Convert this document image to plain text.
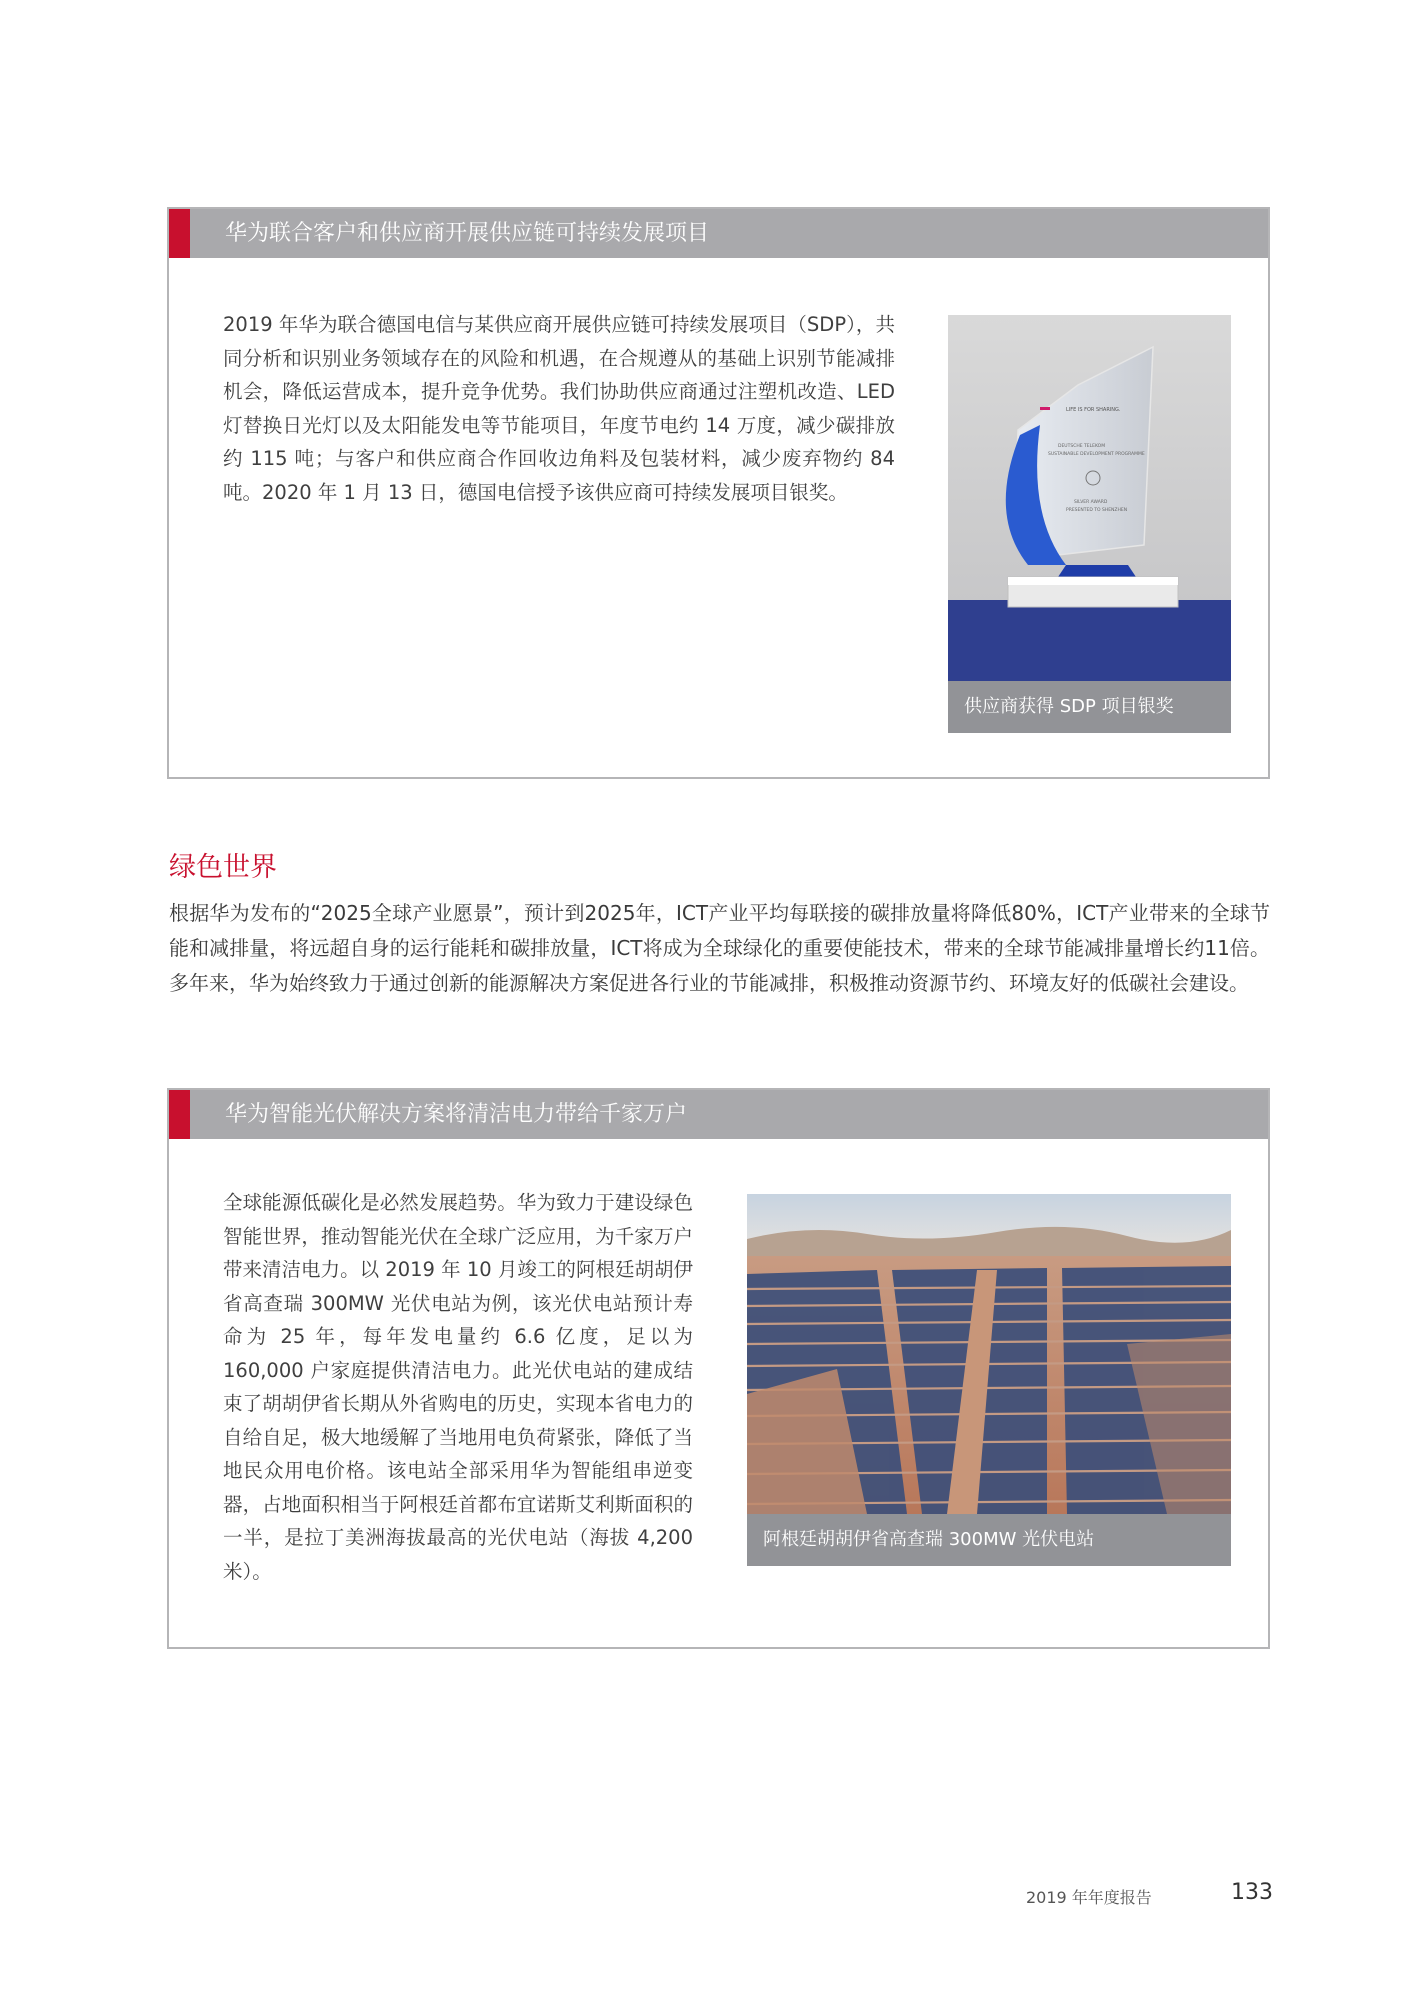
华为联合客户和供应商开展供应链可持续发展项目
2019 年华为联合德国电信与某供应商开展供应链可持续发展项目（SDP），共同分析和识别业务领域存在的风险和机遇，在合规遵从的基础上识别节能减排机会，降低运营成本，提升竞争优势。我们协助供应商通过注塑机改造、LED 灯替换日光灯以及太阳能发电等节能项目，年度节电约 14 万度，减少碳排放约 115 吨；与客户和供应商合作回收边角料及包装材料，减少废弃物约 84 吨。2020 年 1 月 13 日，德国电信授予该供应商可持续发展项目银奖。
LIFE IS FOR SHARING.
DEUTSCHE TELEKOM
SUSTAINABLE DEVELOPMENT PROGRAMME
SILVER AWARD
PRESENTED TO SHENZHEN
供应商获得 SDP 项目银奖
绿色世界
根据华为发布的“2025全球产业愿景”，预计到2025年，ICT产业平均每联接的碳排放量将降低80%，ICT产业带来的全球节能和减排量，将远超自身的运行能耗和碳排放量，ICT将成为全球绿化的重要使能技术，带来的全球节能减排量增长约11倍。多年来，华为始终致力于通过创新的能源解决方案促进各行业的节能减排，积极推动资源节约、环境友好的低碳社会建设。
华为智能光伏解决方案将清洁电力带给千家万户
全球能源低碳化是必然发展趋势。华为致力于建设绿色智能世界，推动智能光伏在全球广泛应用，为千家万户带来清洁电力。以 2019 年 10 月竣工的阿根廷胡胡伊省高查瑞 300MW 光伏电站为例，该光伏电站预计寿命为 25 年，每年发电量约 6.6 亿度，足以为 160,000 户家庭提供清洁电力。此光伏电站的建成结束了胡胡伊省长期从外省购电的历史，实现本省电力的自给自足，极大地缓解了当地用电负荷紧张，降低了当地民众用电价格。该电站全部采用华为智能组串逆变器，占地面积相当于阿根廷首都布宜诺斯艾利斯面积的一半，是拉丁美洲海拔最高的光伏电站（海拔 4,200 米）。
阿根廷胡胡伊省高查瑞 300MW 光伏电站
2019 年年度报告	133
